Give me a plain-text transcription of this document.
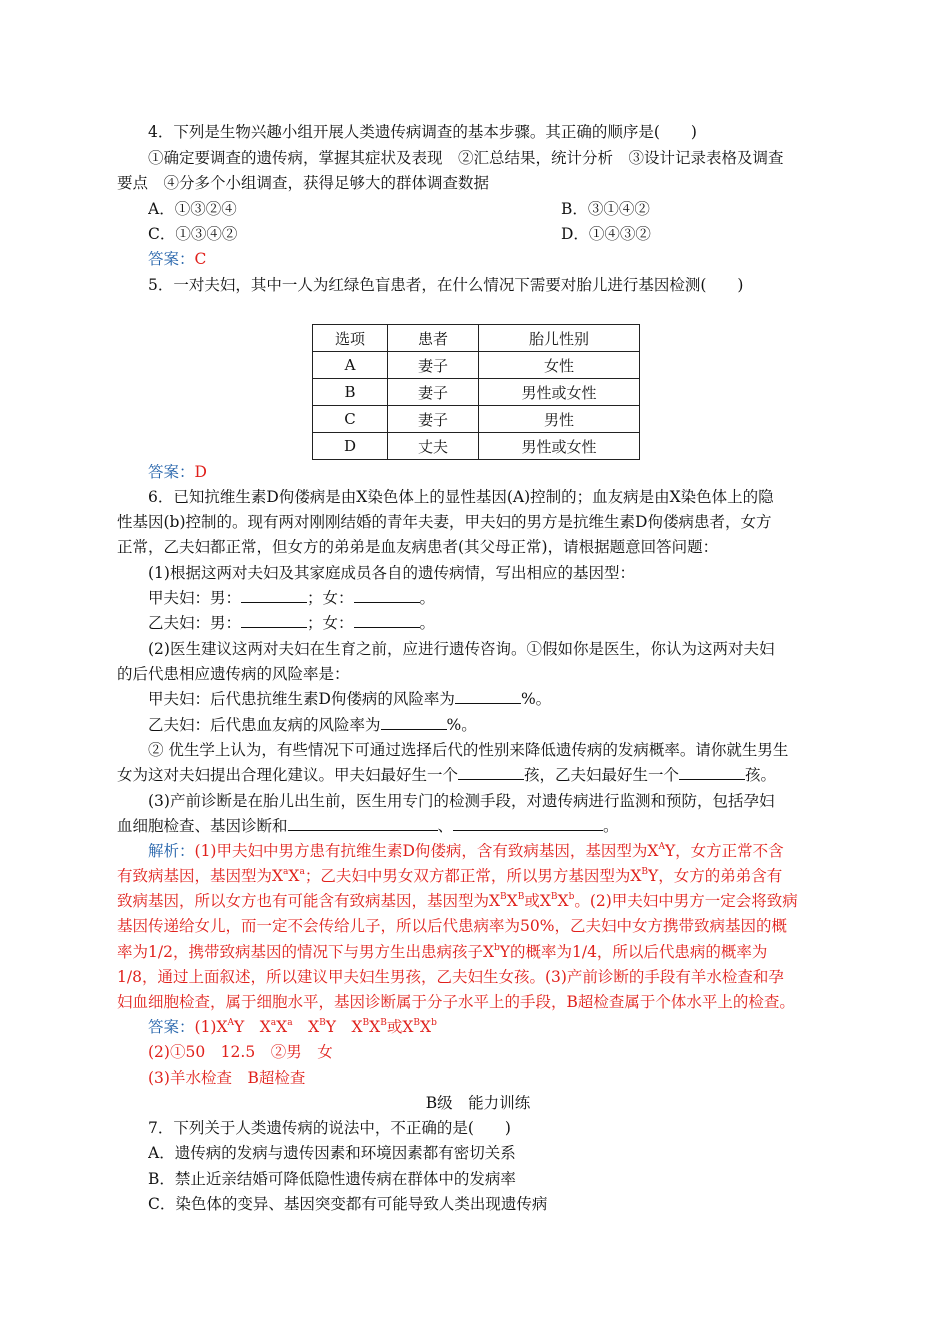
4．下列是生物兴趣小组开展人类遗传病调查的基本步骤。其正确的顺序是(　　)
①确定要调查的遗传病，掌握其症状及表现　②汇总结果，统计分析　③设计记录表格及调查
要点　④分多个小组调查，获得足够大的群体调查数据
A．①③②④	B．③①④②
C．①③④②	D．①④③②
答案：C
5．一对夫妇，其中一人为红绿色盲患者，在什么情况下需要对胎儿进行基因检测(　　)
选项	患者	胎儿性别
A	妻子	女性
B	妻子	男性或女性
C	妻子	男性
D	丈夫	男性或女性
答案：D
6．已知抗维生素D佝偻病是由X染色体上的显性基因(A)控制的；血友病是由X染色体上的隐
性基因(b)控制的。现有两对刚刚结婚的青年夫妻，甲夫妇的男方是抗维生素D佝偻病患者，女方
正常，乙夫妇都正常，但女方的弟弟是血友病患者(其父母正常)，请根据题意回答问题：
(1)根据这两对夫妇及其家庭成员各自的遗传病情，写出相应的基因型：
甲夫妇：男：	；女：	。
乙夫妇：男：	；女：	。
(2)医生建议这两对夫妇在生育之前，应进行遗传咨询。①假如你是医生，你认为这两对夫妇
的后代患相应遗传病的风险率是：
甲夫妇：后代患抗维生素D佝偻病的风险率为	%。
乙夫妇：后代患血友病的风险率为	%。
② 优生学上认为，有些情况下可通过选择后代的性别来降低遗传病的发病概率。请你就生男生
女为这对夫妇提出合理化建议。甲夫妇最好生一个	孩，乙夫妇最好生一个	孩。
(3)产前诊断是在胎儿出生前，医生用专门的检测手段，对遗传病进行监测和预防，包括孕妇
血细胞检查、基因诊断和	、	。
解析：(1)甲夫妇中男方患有抗维生素D佝偻病，含有致病基因，基因型为$X^AY$，女方正常不含
有致病基因，基因型为$X^aX^a$；乙夫妇中男女双方都正常，所以男方基因型为$X^BY$，女方的弟弟含有
致病基因，所以女方也有可能含有致病基因，基因型为$X^BX^B$或$X^BX^b$。(2)甲夫妇中男方一定会将致病
基因传递给女儿，而一定不会传给儿子，所以后代患病率为50%，乙夫妇中女方携带致病基因的概
率为1/2，携带致病基因的情况下与男方生出患病孩子$X^bY$的概率为1/4，所以后代患病的概率为
1/8，通过上面叙述，所以建议甲夫妇生男孩，乙夫妇生女孩。(3)产前诊断的手段有羊水检查和孕
妇血细胞检查，属于细胞水平，基因诊断属于分子水平上的手段，B超检查属于个体水平上的检查。
答案：$(1)X^AY$　$X^aX^a$　$X^BY$　$X^BX^B$或$X^BX^b$
(2)①50　12.5　②男　女
(3)羊水检查　B超检查
B级　能力训练
7．下列关于人类遗传病的说法中，不正确的是(　　)
A．遗传病的发病与遗传因素和环境因素都有密切关系
B．禁止近亲结婚可降低隐性遗传病在群体中的发病率
C．染色体的变异、基因突变都有可能导致人类出现遗传病
